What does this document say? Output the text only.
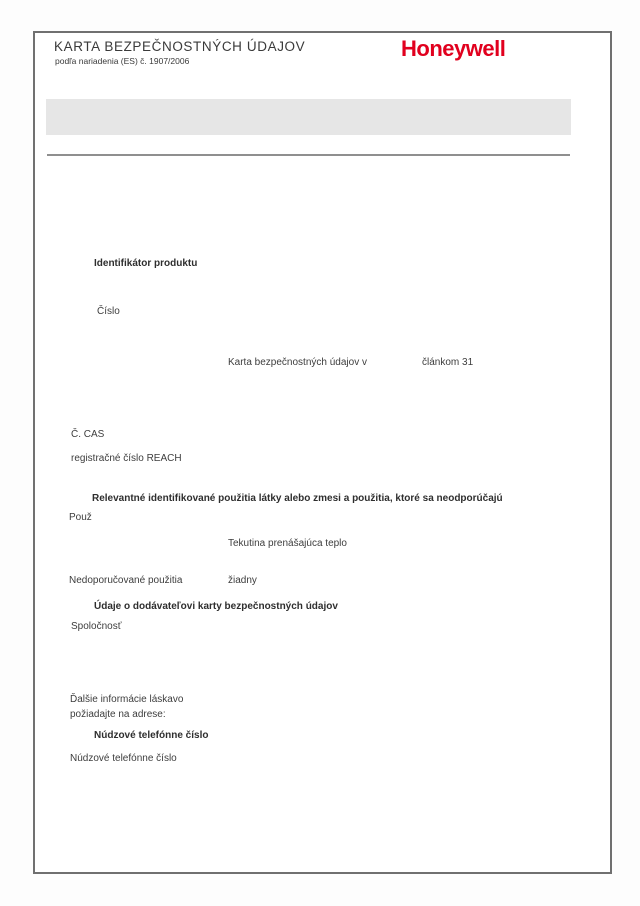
KARTA BEZPEČNOSTNÝCH ÚDAJOV
podľa nariadenia (ES) č. 1907/2006	Honeywell
Identifikátor produktu
Číslo
Karta bezpečnostných údajov v	článkom 31
Č. CAS
registračné číslo REACH
Relevantné identifikované použitia látky alebo zmesi a použitia, ktoré sa neodporúčajú
Použ
Tekutina prenášajúca teplo
Nedoporučované použitia	žiadny
Údaje o dodávateľovi karty bezpečnostných údajov
Spoločnosť
Ďalšie informácie láskavo
požiadajte na adrese:
Núdzové telefónne číslo
Núdzové telefónne číslo
